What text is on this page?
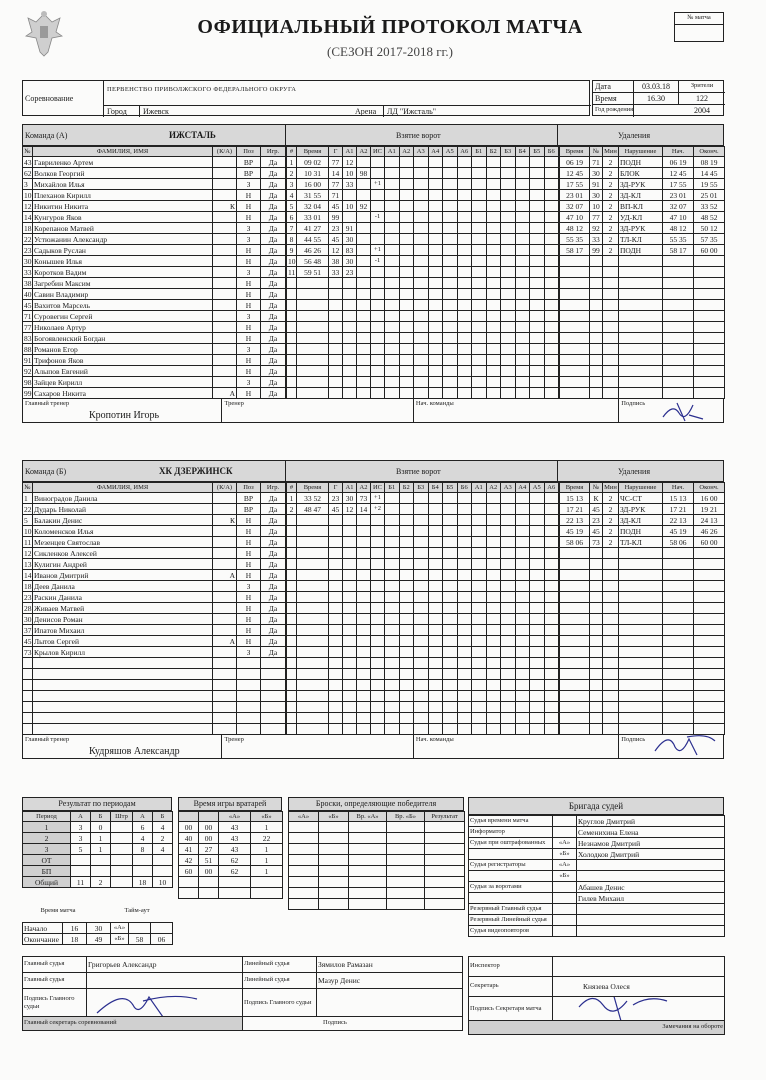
ОФИЦИАЛЬНЫЙ ПРОТОКОЛ МАТЧА
(СЕЗОН 2017-2018 гг.)
№ матча
Соревнование
ПЕРВЕНСТВО ПРИВОЛЖСКОГО ФЕДЕРАЛЬНОГО ОКРУГА
Город Ижевск	Арена ЛД "Ижсталь"
Дата	03.03.18	Зрители
Время	16.30	122
Год рождения	2004
Команда (А)	ИЖСТАЛЬ	Взятие ворот	Удаления
№	ФАМИЛИЯ, ИМЯ	(К/А)	Поз	Игр.
43	Гавриленко Артем		ВР	Да
62	Волков Георгий		ВР	Да
3	Михайлов Илья		З	Да
10	Плеханов Кирилл		Н	Да
12	Никитин Никита	К	Н	Да
14	Кунгуров Яков		Н	Да
18	Корепанов Матвей		З	Да
22	Устюжанин Александр		З	Да
23	Садыков Руслан		Н	Да
30	Конышев Илья		Н	Да
33	Коротков Вадим		З	Да
38	Загребин Максим		Н	Да
40	Савин Владимир		Н	Да
45	Вахитов Марсель		Н	Да
71	Суровегин Сергей		З	Да
77	Николаев Артур		Н	Да
83	Богоявленский Богдан		Н	Да
88	Романов Егор		З	Да
91	Трифонов Яков		Н	Да
92	Алыпов Евгений		Н	Да
98	Зайцев Кирилл		З	Да
99	Сахаров Никита	А	Н	Да
#	Время	Г	А1	А2	ИС	А1	А2	А3	А4	А5	А6	Б1	Б2	Б3	Б4	Б5	Б6
1	09 02	77	12														
2	10 31	14	10	98													
3	16 00	77	33		+1												
4	31 55	71															
5	32 04	45	10	92													
6	33 01	99			-1												
7	41 27	23	91														
8	44 55	45	30														
9	46 26	12	83		+1												
10	56 48	38	30		-1												
11	59 51	33	23														

Время	№	Мин	Нарушение	Нач.	Оконч.
06 19	71	2	ПОДН	06 19	08 19
12 45	30	2	БЛОК	12 45	14 45
17 55	91	2	ЗД-РУК	17 55	19 55
23 01	30	2	ЗД-КЛ	23 01	25 01
32 07	10	2	ВП-КЛ	32 07	33 52
47 10	77	2	УД-КЛ	47 10	48 52
48 12	92	2	ЗД-РУК	48 12	50 12
55 35	33	2	ТЛ-КЛ	55 35	57 35
58 17	99	2	ПОДН	58 17	60 00

Главный тренер
Кропотин Игорь
Тренер	Нач. команды	Подпись
Команда (Б)	ХК ДЗЕРЖИНСК	Взятие ворот	Удаления
№	ФАМИЛИЯ, ИМЯ	(К/А)	Поз	Игр.
1	Виноградов Данила		ВР	Да
22	Дударь Николай		ВР	Да
5	Балакин Денис	К	Н	Да
10	Коломенсков Илья		Н	Да
11	Мезенцев Святослав		Н	Да
12	Сикленков Алексей		Н	Да
13	Кулигин Андрей		Н	Да
14	Иванов Дмитрий	А	Н	Да
18	Деев Данила		З	Да
23	Раскин Данила		Н	Да
28	Живаев Матвей		Н	Да
30	Денисов Роман		Н	Да
37	Ипатов Михаил		Н	Да
45	Лытов Сергей	А	Н	Да
73	Крылов Кирилл		З	Да

#	Время	Г	А1	А2	ИС	Б1	Б2	Б3	Б4	Б5	Б6	А1	А2	А3	А4	А5	А6
1	33 52	23	30	73	+1												
2	48 47	45	12	14	+2												

Время	№	Мин	Нарушение	Нач.	Оконч.
15 13	К	2	ЧС-СТ	15 13	16 00
17 21	45	2	ЗД-РУК	17 21	19 21
22 13	23	2	ЗД-КЛ	22 13	24 13
45 19	45	2	ПОДН	45 19	46 26
58 06	73	2	ТЛ-КЛ	58 06	60 00

Главный тренер
Кудряшов Александр
Тренер	Нач. команды	Подпись
Результат по периодам
Период	А	Б	Штр	А	Б
1	3	0		6	4
2	3	1		4	2
3	5	1		8	4
ОТ					
БП					
Общий	11	2		18	10
Время игры вратарей
		«А»	«Б»
00	00	43	1
40	00	43	22
41	27	43	1
42	51	62	1
60	00	62	1

Броски, определяющие победителя
«А»	«Б»	Вр. «А»	Вр. «Б»	Результат

Время матча	Тайм-аут
Начало	16	30	«А»		
Окончание	18	49	«Б»	58	06
Бригада судей
Судья времени матча		Круглов Дмитрий
Информатор		Семенихина Елена
Судьи при оштрафованных	«А»	Незнамов Дмитрий
	«Б»	Холодков Дмитрий
Судья регистраторы	«А»	
	«Б»	
Судьи за воротами		Абашев Денис
		Гилев Михаил
Резервный Главный судья		
Резервный Линейный судья		
Судья видеоповторов		
Главный судья	Григорьев Александр	Линейный судья	Зямилов Рамазан
Главный судья		Линейный судья	Мазур Денис
Подпись Главного судьи		Подпись Главного судьи	
Главный секретарь соревнований		Подпись	
Инспектор	
Секретарь	Князева Олеся
Подпись Секретаря матча	

Замечания на обороте	
